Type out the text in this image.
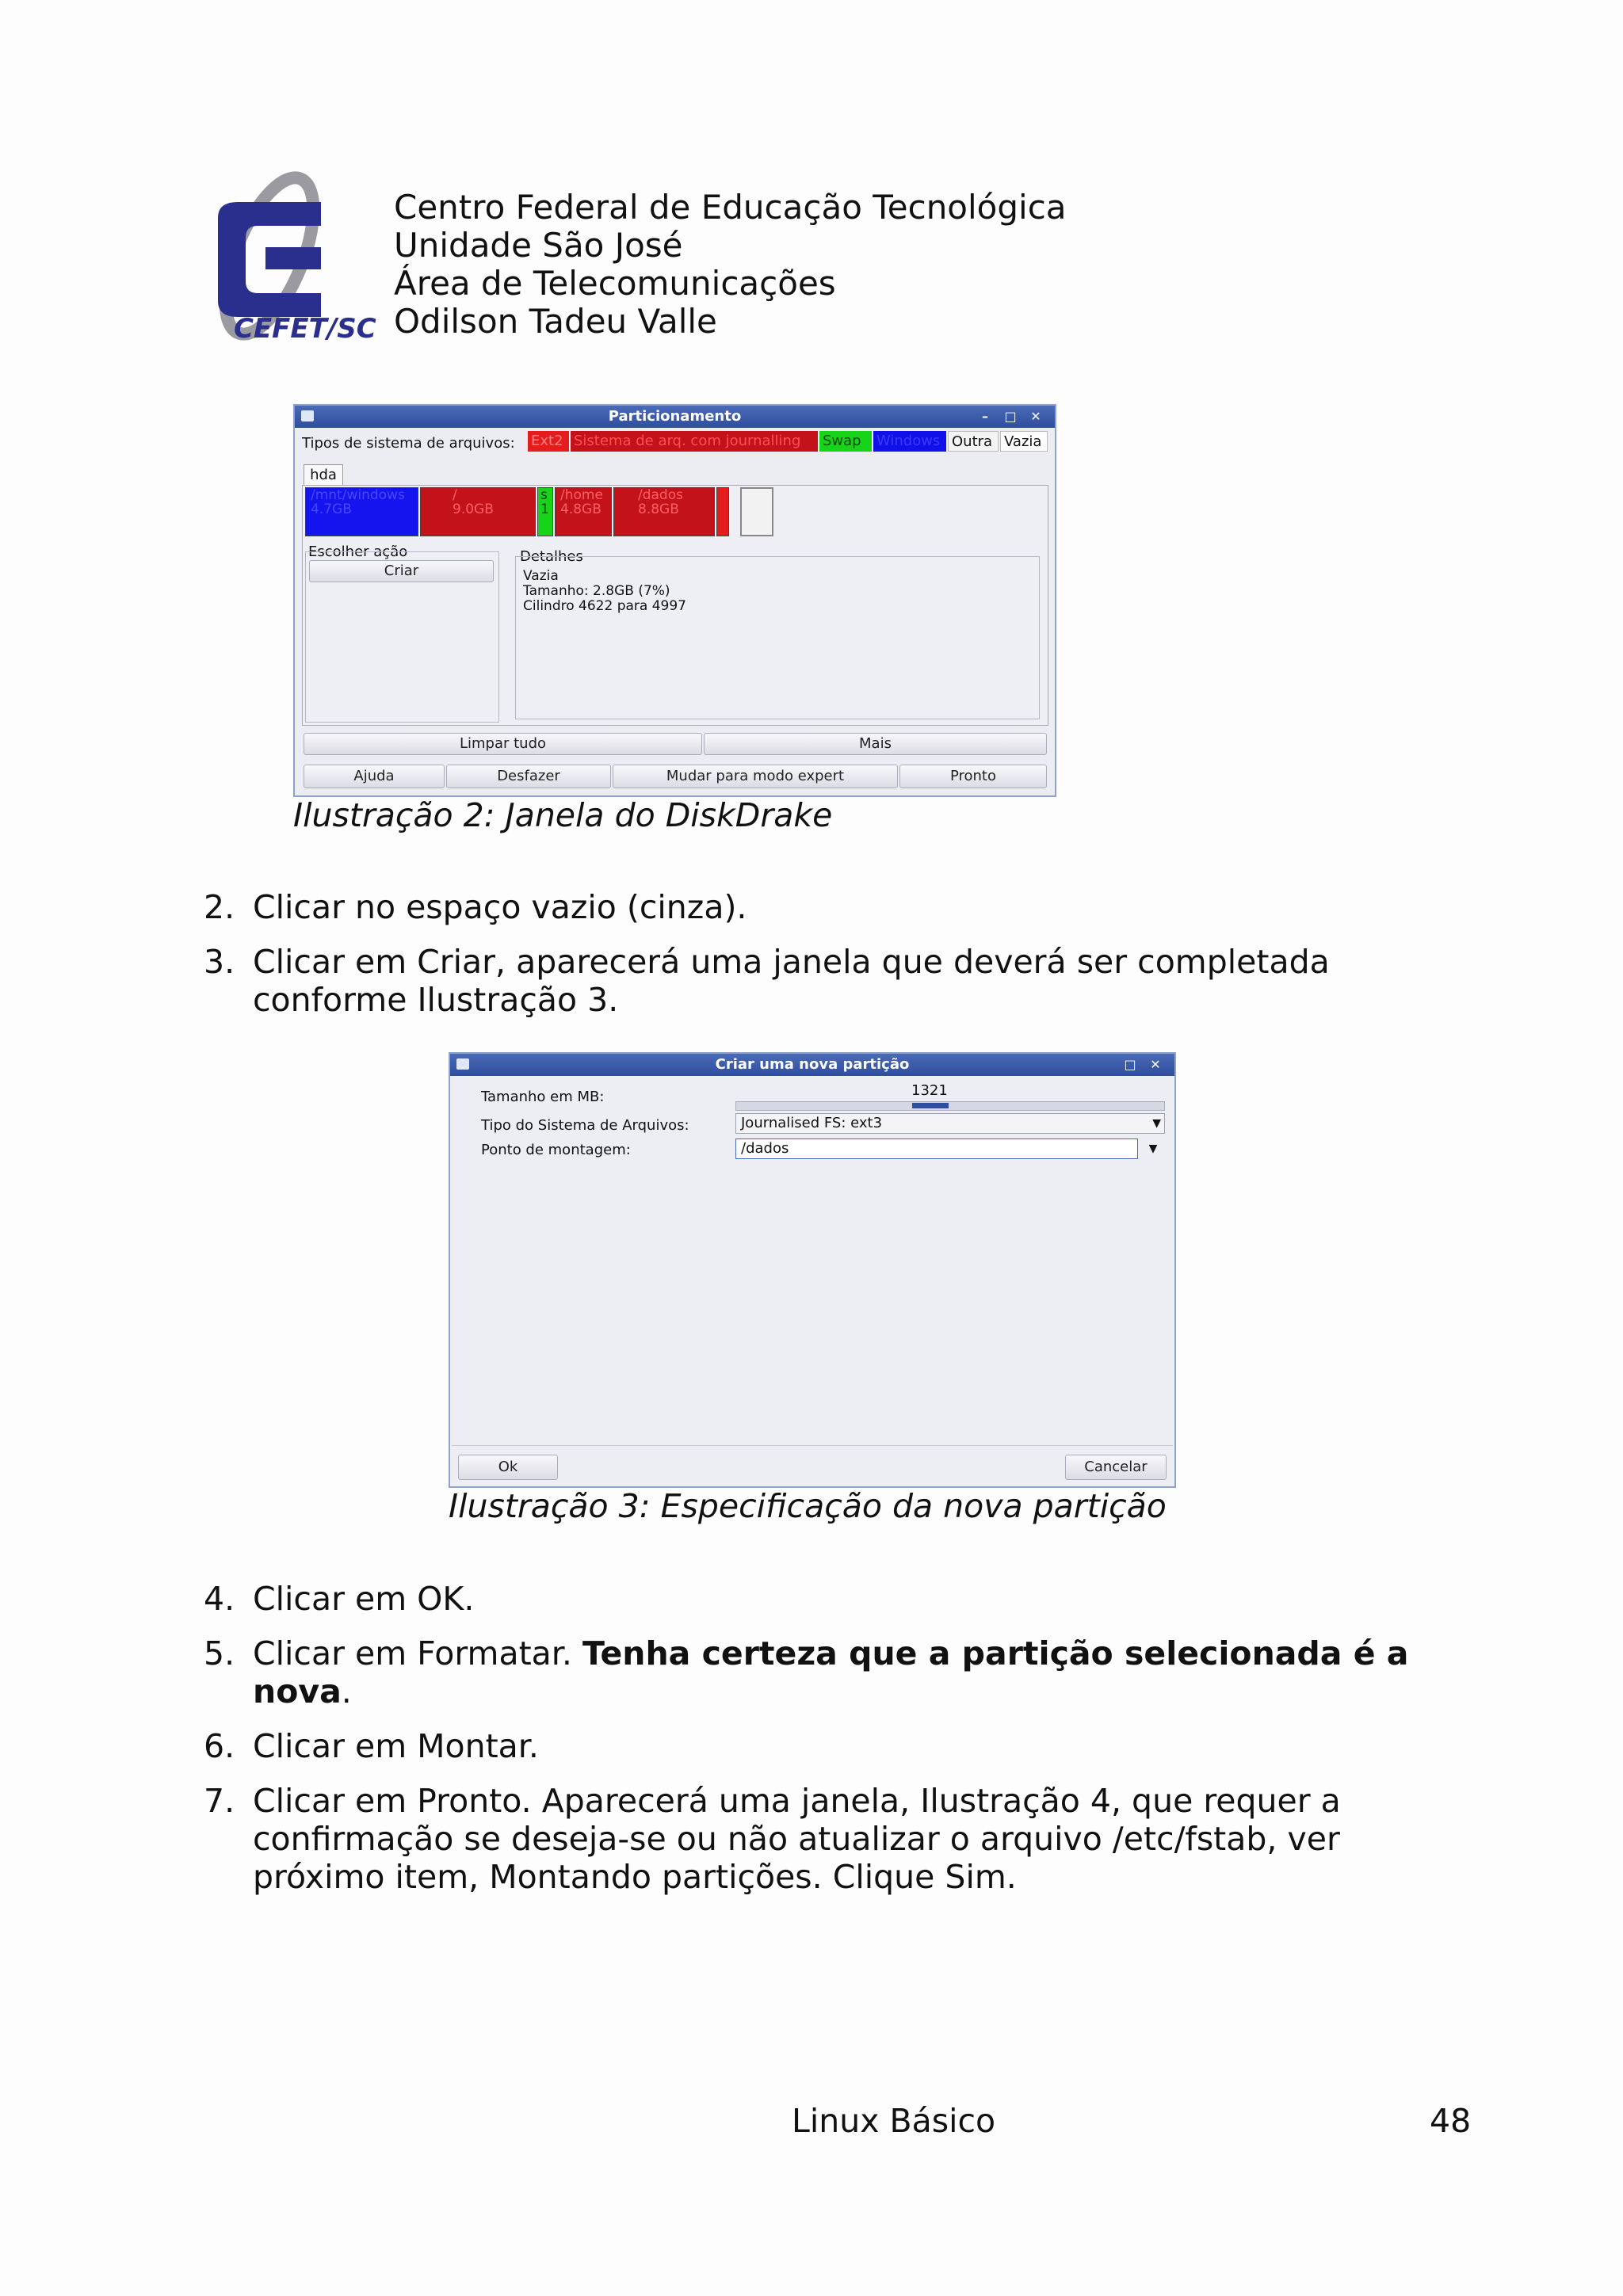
CEFET/SC
Centro Federal de Educação Tecnológica
Unidade São José
Área de Telecomunicações
Odilson Tadeu Valle
Particionamento	–	□ ✕
Tipos de sistema de arquivos: Ext2 Sistema de arq. com journalling	Swap	Windows Outra Vazia
hda
/mnt/windows
4.7GB
/
9.0GB
s
1
/home
4.8GB
/dados
8.8GB
Escolher ação
Criar
Detalhes
Vazia
Tamanho: 2.8GB (7%)
Cilindro 4622 para 4997
Limpar tudo	Mais
Ajuda	Desfazer	Mudar para modo expert	Pronto
Ilustração 2: Janela do DiskDrake
2. Clicar no espaço vazio (cinza).
3. Clicar em Criar, aparecerá uma janela que deverá ser completada
conforme Ilustração 3.
Criar uma nova partição	□ ✕
Tamanho em MB:	1321
Tipo do Sistema de Arquivos:	Journalised FS: ext3	▼
Ponto de montagem:	/dados	▼
Ok	Cancelar
Ilustração 3: Especificação da nova partição
4. Clicar em OK.
5. Clicar em Formatar. Tenha certeza que a partição selecionada é a
nova.
6. Clicar em Montar.
7. Clicar em Pronto. Aparecerá uma janela, Ilustração 4, que requer a
confirmação se deseja-se ou não atualizar o arquivo /etc/fstab, ver
próximo item, Montando partições. Clique Sim.
Linux Básico	48
